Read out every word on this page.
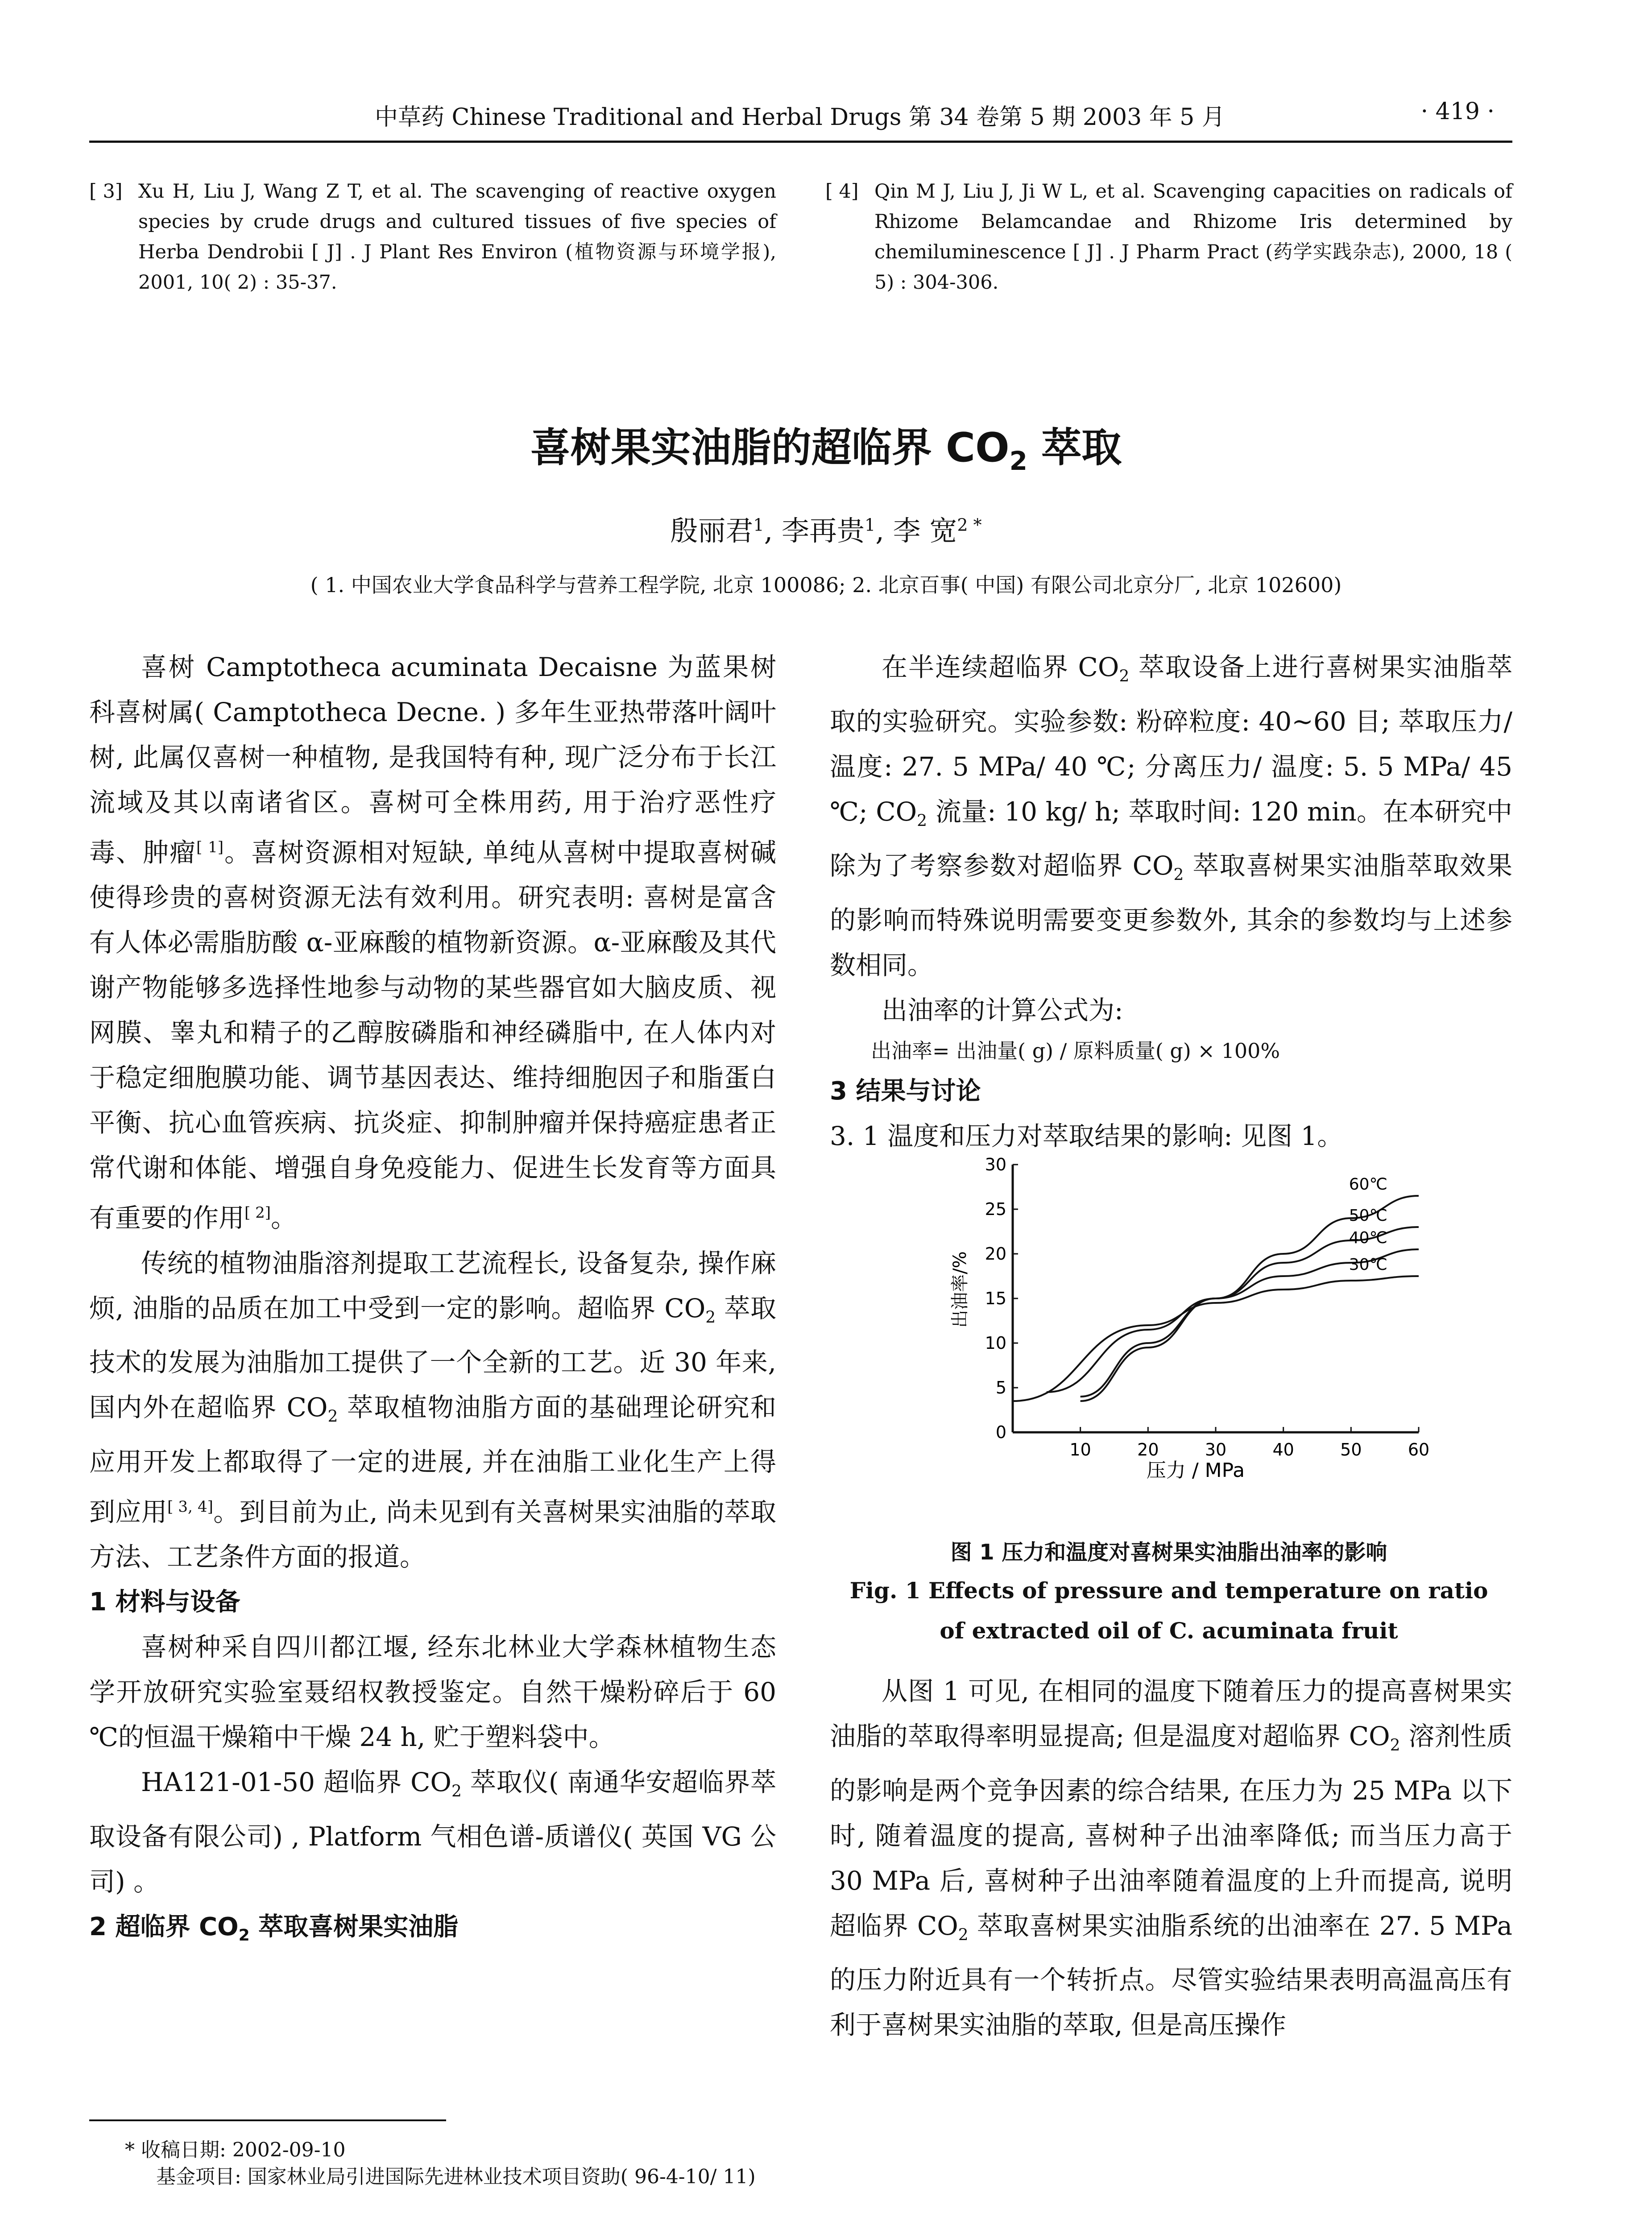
中草药 Chinese Traditional and Herbal Drugs 第 34 卷第 5 期 2003 年 5 月	· 419 ·
[ 3] Xu H, Liu J, Wang Z T, et al. The scavenging of reactive oxygen species by crude drugs and cultured tissues of five species of Herba Dendrobii [ J] . J Plant Res Environ (植物资源与环境学报), 2001, 10( 2) : 35-37.
[ 4] Qin M J, Liu J, Ji W L, et al. Scavenging capacities on radicals of Rhizome Belamcandae and Rhizome Iris determined by chemiluminescence [ J] . J Pharm Pract (药学实践杂志), 2000, 18 ( 5) : 304-306.
喜树果实油脂的超临界 $CO_2$ 萃取
殷丽君$^1$, 李再贵$^1$, 李 宽$^{2 *}$
( 1. 中国农业大学食品科学与营养工程学院, 北京 100086; 2. 北京百事( 中国) 有限公司北京分厂, 北京 102600)

喜树 Camptotheca acuminata Decaisne 为蓝果树科喜树属( Camptotheca Decne. ) 多年生亚热带落叶阔叶树, 此属仅喜树一种植物, 是我国特有种, 现广泛分布于长江流域及其以南诸省区。喜树可全株用药, 用于治疗恶性疗毒、肿瘤[ 1]。喜树资源相对短缺, 单纯从喜树中提取喜树碱使得珍贵的喜树资源无法有效利用。研究表明: 喜树是富含有人体必需脂肪酸 α-亚麻酸的植物新资源。α-亚麻酸及其代谢产物能够多选择性地参与动物的某些器官如大脑皮质、视网膜、睾丸和精子的乙醇胺磷脂和神经磷脂中, 在人体内对于稳定细胞膜功能、调节基因表达、维持细胞因子和脂蛋白平衡、抗心血管疾病、抗炎症、抑制肿瘤并保持癌症患者正常代谢和体能、增强自身免疫能力、促进生长发育等方面具有重要的作用[ 2]。

传统的植物油脂溶剂提取工艺流程长, 设备复杂, 操作麻烦, 油脂的品质在加工中受到一定的影响。超临界 $CO_2$ 萃取技术的发展为油脂加工提供了一个全新的工艺。近 30 年来, 国内外在超临界 $CO_2$ 萃取植物油脂方面的基础理论研究和应用开发上都取得了一定的进展, 并在油脂工业化生产上得到应用[ 3, 4]。到目前为止, 尚未见到有关喜树果实油脂的萃取方法、工艺条件方面的报道。

1 材料与设备

喜树种采自四川都江堰, 经东北林业大学森林植物生态学开放研究实验室聂绍权教授鉴定。自然干燥粉碎后于 60 ℃的恒温干燥箱中干燥 24 h, 贮于塑料袋中。

HA121-01-50 超临界 $CO_2$ 萃取仪( 南通华安超临界萃取设备有限公司) , Platform 气相色谱-质谱仪( 英国 VG 公司) 。

2 超临界 $CO_2$ 萃取喜树果实油脂

在半连续超临界 $CO_2$ 萃取设备上进行喜树果实油脂萃取的实验研究。实验参数: 粉碎粒度: 40~60 目; 萃取压力/ 温度: 27. 5 MPa/ 40 ℃; 分离压力/ 温度: 5. 5 MPa/ 45 ℃; $CO_2$ 流量: 10 kg/ h; 萃取时间: 120 min。在本研究中除为了考察参数对超临界 $CO_2$ 萃取喜树果实油脂萃取效果的影响而特殊说明需要变更参数外, 其余的参数均与上述参数相同。

出油率的计算公式为:

出油率= 出油量( g) / 原料质量( g) × 100%

3 结果与讨论

3. 1 温度和压力对萃取结果的影响: 见图 1。

10	20	30	40	50	60
0
5
10
15
20
25
30
60℃
50℃
40℃
30℃
压力 / MPa
出油率/%
图 1 压力和温度对喜树果实油脂出油率的影响
Fig. 1 Effects of pressure and temperature on ratio
of extracted oil of C. acuminata fruit

从图 1 可见, 在相同的温度下随着压力的提高喜树果实油脂的萃取得率明显提高; 但是温度对超临界 $CO_2$ 溶剂性质的影响是两个竞争因素的综合结果, 在压力为 25 MPa 以下时, 随着温度的提高, 喜树种子出油率降低; 而当压力高于 30 MPa 后, 喜树种子出油率随着温度的上升而提高, 说明超临界 $CO_2$ 萃取喜树果实油脂系统的出油率在 27. 5 MPa 的压力附近具有一个转折点。尽管实验结果表明高温高压有利于喜树果实油脂的萃取, 但是高压操作

* 收稿日期: 2002-09-10
基金项目: 国家林业局引进国际先进林业技术项目资助( 96-4-10/ 11)
